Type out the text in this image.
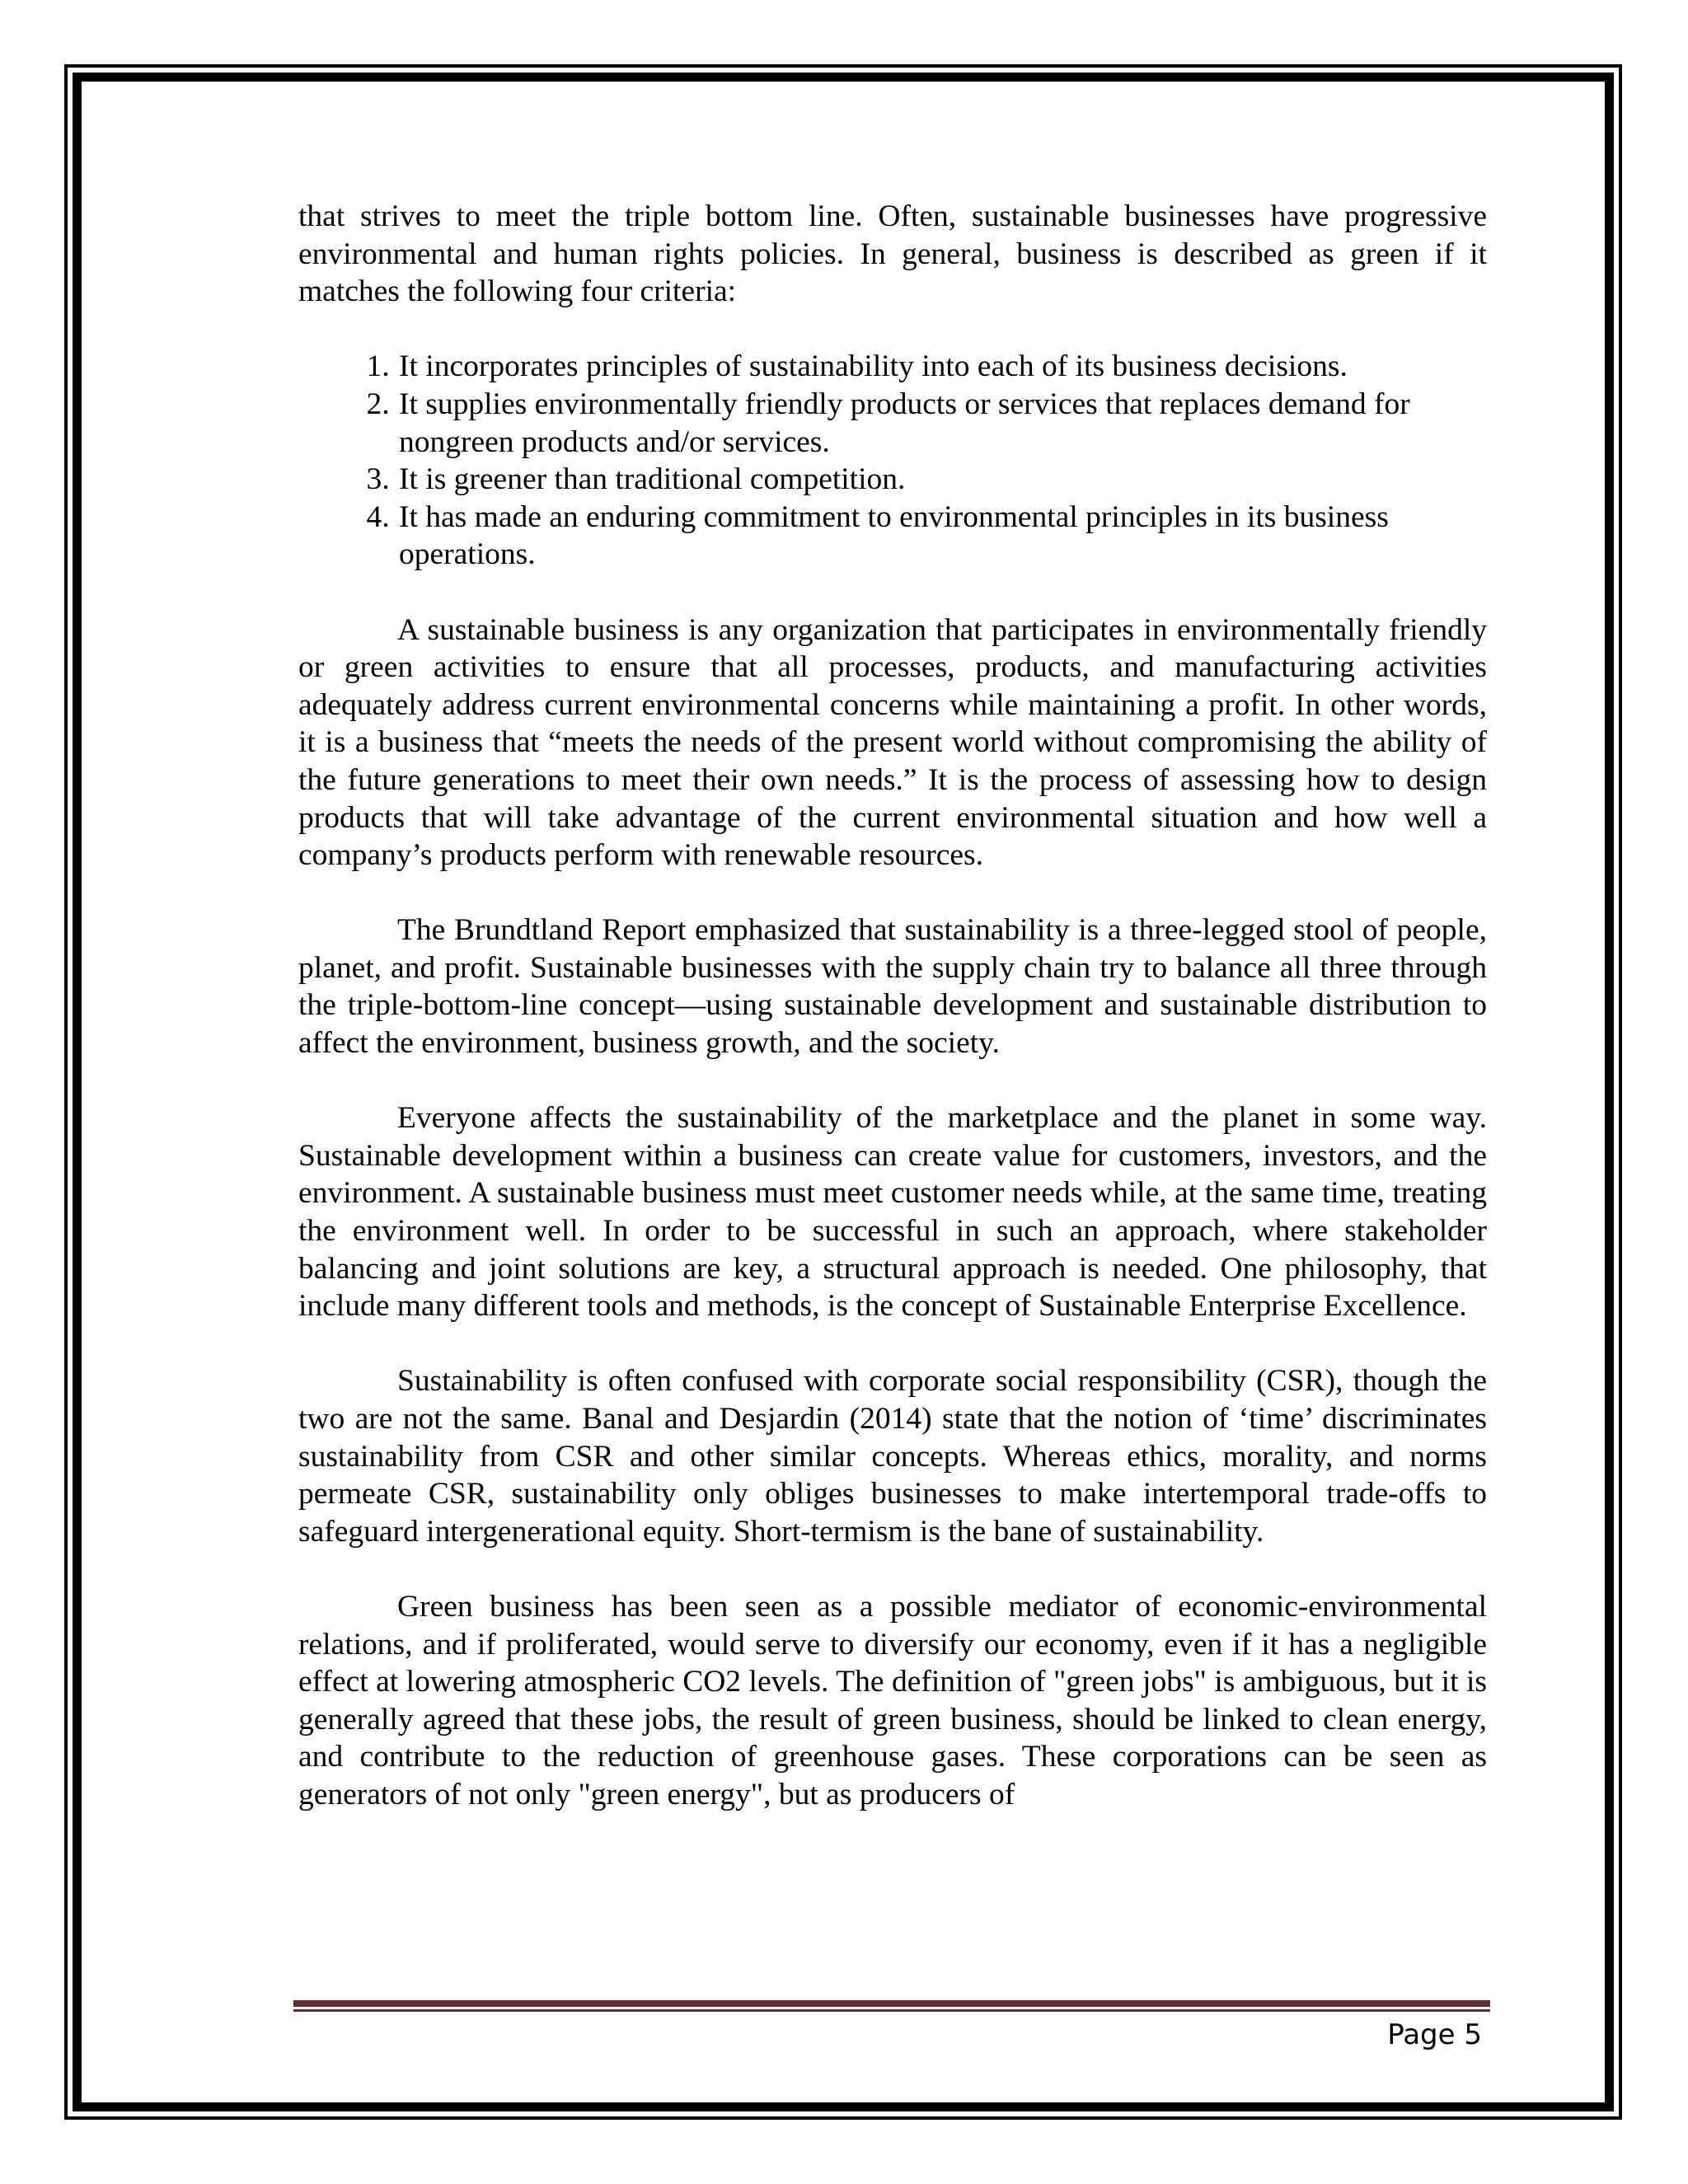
that strives to meet the triple bottom line. Often, sustainable businesses have progressive environmental and human rights policies. In general, business is described as green if it matches the following four criteria:

1. It incorporates principles of sustainability into each of its business decisions.
2. It supplies environmentally friendly products or services that replaces demand for nongreen products and/or services.
3. It is greener than traditional competition.
4. It has made an enduring commitment to environmental principles in its business operations.

A sustainable business is any organization that participates in environmentally friendly or green activities to ensure that all processes, products, and manufacturing activities adequately address current environmental concerns while maintaining a profit. In other words, it is a business that “meets the needs of the present world without compromising the ability of the future generations to meet their own needs.” It is the process of assessing how to design products that will take advantage of the current environmental situation and how well a company’s products perform with renewable resources.

The Brundtland Report emphasized that sustainability is a three-legged stool of people, planet, and profit. Sustainable businesses with the supply chain try to balance all three through the triple-bottom-line concept—using sustainable development and sustainable distribution to affect the environment, business growth, and the society.

Everyone affects the sustainability of the marketplace and the planet in some way. Sustainable development within a business can create value for customers, investors, and the environment. A sustainable business must meet customer needs while, at the same time, treating the environment well. In order to be successful in such an approach, where stakeholder balancing and joint solutions are key, a structural approach is needed. One philosophy, that include many different tools and methods, is the concept of Sustainable Enterprise Excellence.

Sustainability is often confused with corporate social responsibility (CSR), though the two are not the same. Banal and Desjardin (2014) state that the notion of ‘time’ discriminates sustainability from CSR and other similar concepts. Whereas ethics, morality, and norms permeate CSR, sustainability only obliges businesses to make intertemporal trade-offs to safeguard intergenerational equity. Short-termism is the bane of sustainability.

Green business has been seen as a possible mediator of economic-environmental relations, and if proliferated, would serve to diversify our economy, even if it has a negligible effect at lowering atmospheric CO2 levels. The definition of "green jobs" is ambiguous, but it is generally agreed that these jobs, the result of green business, should be linked to clean energy, and contribute to the reduction of greenhouse gases. These corporations can be seen as generators of not only "green energy", but as producers of

Page 5
